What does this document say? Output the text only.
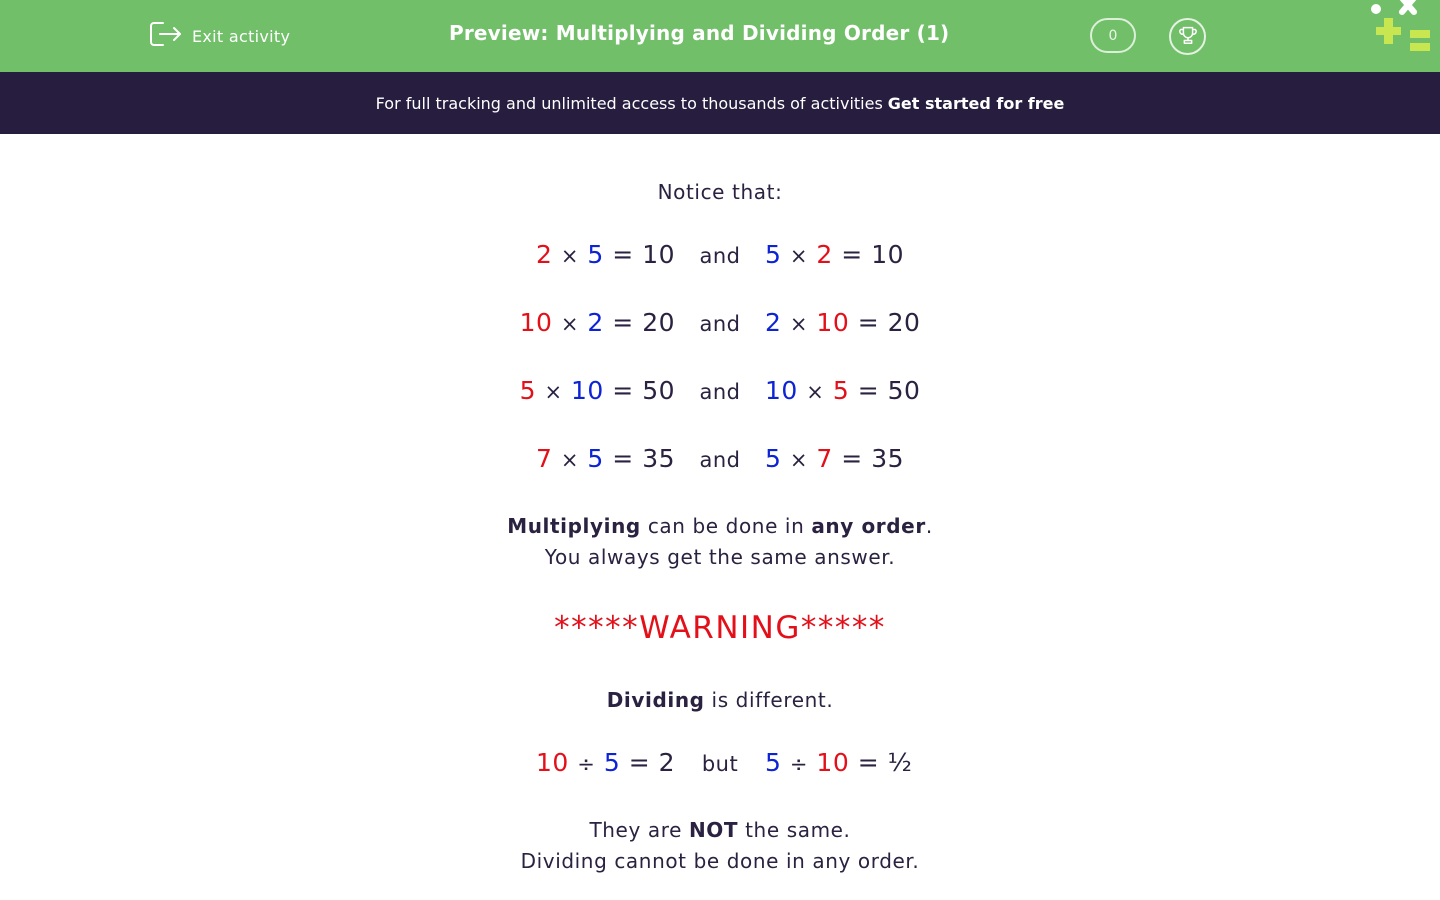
Exit activity	Preview: Multiplying and Dividing Order (1)	0
For full tracking and unlimited access to thousands of activities Get started for free
Notice that:
2 × 5 = 10	and 5 × 2 = 10
10 × 2 = 20	and 2 × 10 = 20
5 × 10 = 50	and 10 × 5 = 50
7 × 5 = 35	and 5 × 7 = 35
Multiplying can be done in any order.
You always get the same answer.
*****WARNING*****
Dividing is different.
10 ÷ 5 = 2	but	5 ÷ 10 = ½
They are NOT the same.
Dividing cannot be done in any order.
